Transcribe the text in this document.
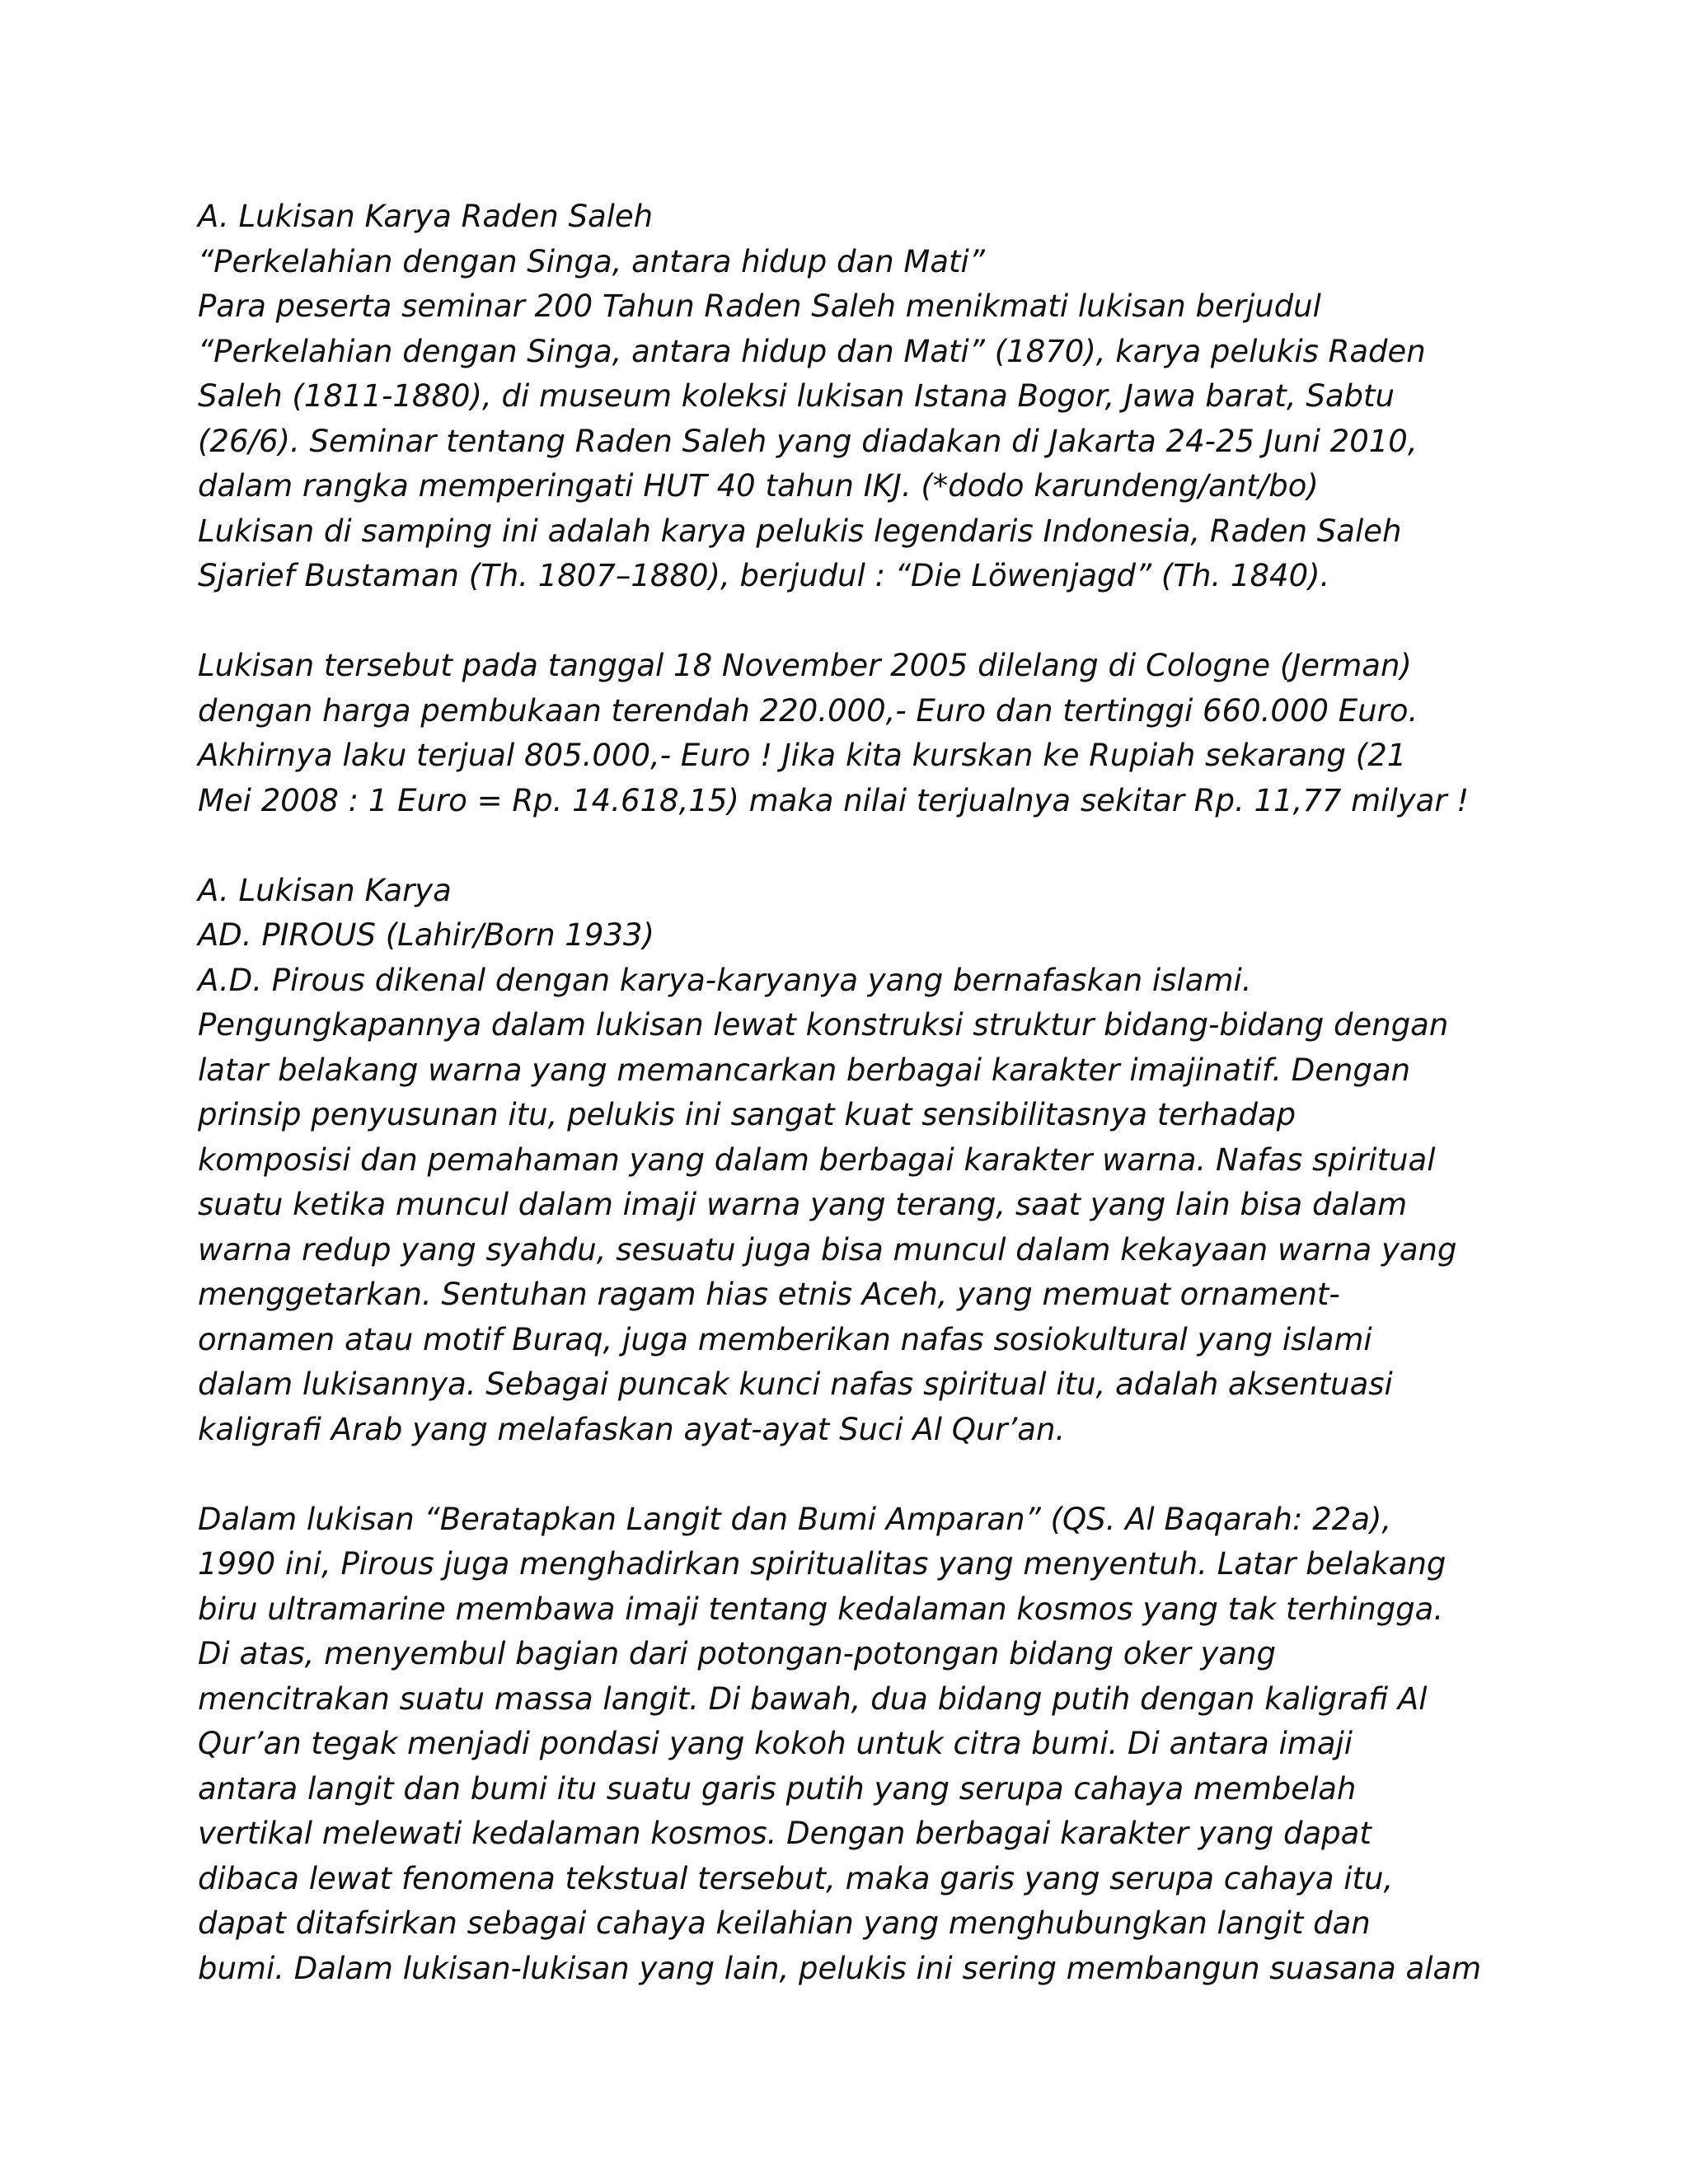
A. Lukisan Karya Raden Saleh
“Perkelahian dengan Singa, antara hidup dan Mati”
Para peserta seminar 200 Tahun Raden Saleh menikmati lukisan berjudul
“Perkelahian dengan Singa, antara hidup dan Mati” (1870), karya pelukis Raden
Saleh (1811-1880), di museum koleksi lukisan Istana Bogor, Jawa barat, Sabtu
(26/6). Seminar tentang Raden Saleh yang diadakan di Jakarta 24-25 Juni 2010,
dalam rangka memperingati HUT 40 tahun IKJ. (*dodo karundeng/ant/bo)
Lukisan di samping ini adalah karya pelukis legendaris Indonesia, Raden Saleh
Sjarief Bustaman (Th. 1807–1880), berjudul : “Die Löwenjagd” (Th. 1840).
Lukisan tersebut pada tanggal 18 November 2005 dilelang di Cologne (Jerman)
dengan harga pembukaan terendah 220.000,- Euro dan tertinggi 660.000 Euro.
Akhirnya laku terjual 805.000,- Euro ! Jika kita kurskan ke Rupiah sekarang (21
Mei 2008 : 1 Euro = Rp. 14.618,15) maka nilai terjualnya sekitar Rp. 11,77 milyar !
A. Lukisan Karya
AD. PIROUS (Lahir/Born 1933)
A.D. Pirous dikenal dengan karya-karyanya yang bernafaskan islami.
Pengungkapannya dalam lukisan lewat konstruksi struktur bidang-bidang dengan
latar belakang warna yang memancarkan berbagai karakter imajinatif. Dengan
prinsip penyusunan itu, pelukis ini sangat kuat sensibilitasnya terhadap
komposisi dan pemahaman yang dalam berbagai karakter warna. Nafas spiritual
suatu ketika muncul dalam imaji warna yang terang, saat yang lain bisa dalam
warna redup yang syahdu, sesuatu juga bisa muncul dalam kekayaan warna yang
menggetarkan. Sentuhan ragam hias etnis Aceh, yang memuat ornament-
ornamen atau motif Buraq, juga memberikan nafas sosiokultural yang islami
dalam lukisannya. Sebagai puncak kunci nafas spiritual itu, adalah aksentuasi
kaligrafi Arab yang melafaskan ayat-ayat Suci Al Qur’an.
Dalam lukisan “Beratapkan Langit dan Bumi Amparan” (QS. Al Baqarah: 22a),
1990 ini, Pirous juga menghadirkan spiritualitas yang menyentuh. Latar belakang
biru ultramarine membawa imaji tentang kedalaman kosmos yang tak terhingga.
Di atas, menyembul bagian dari potongan-potongan bidang oker yang
mencitrakan suatu massa langit. Di bawah, dua bidang putih dengan kaligrafi Al
Qur’an tegak menjadi pondasi yang kokoh untuk citra bumi. Di antara imaji
antara langit dan bumi itu suatu garis putih yang serupa cahaya membelah
vertikal melewati kedalaman kosmos. Dengan berbagai karakter yang dapat
dibaca lewat fenomena tekstual tersebut, maka garis yang serupa cahaya itu,
dapat ditafsirkan sebagai cahaya keilahian yang menghubungkan langit dan
bumi. Dalam lukisan-lukisan yang lain, pelukis ini sering membangun suasana alam
